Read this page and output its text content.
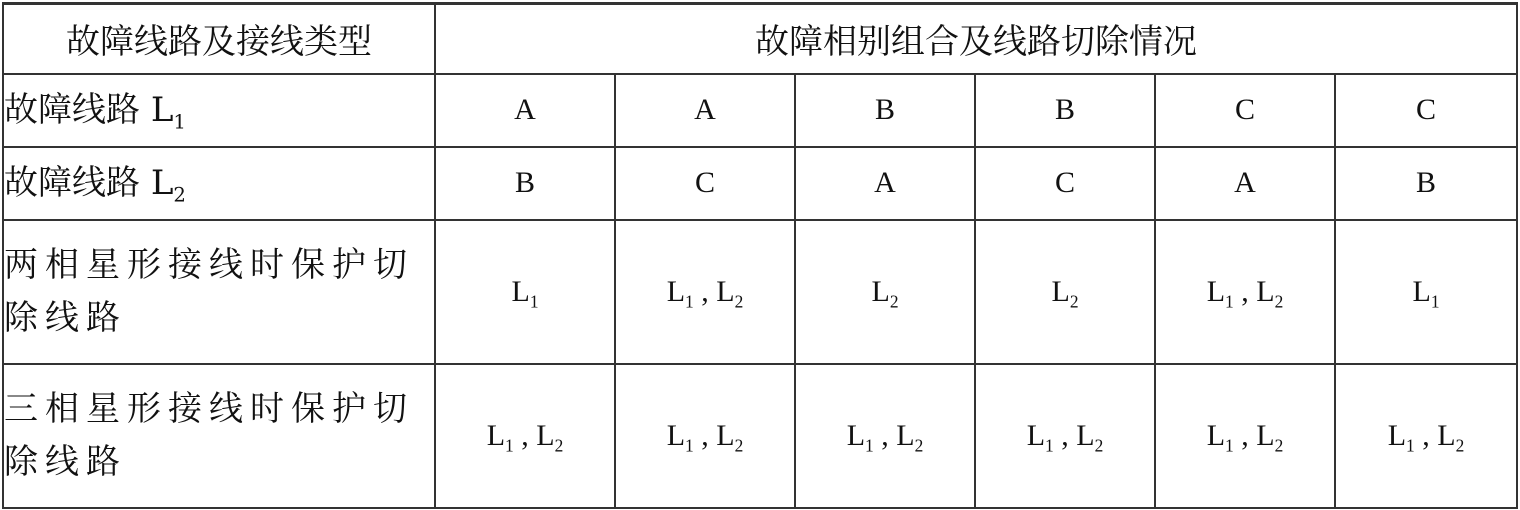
故障线路及接线类型	故障相别组合及线路切除情况					
故障线路 $L_1$	A	A	B	B	C	C
故障线路 $L_2$	B	C	A	C	A	B
两相星形接线时保护切除线路	$L_1$	$L_1$ , $L_2$	$L_2$	$L_2$	$L_1$ , $L_2$	$L_1$
三相星形接线时保护切除线路	$L_1$ , $L_2$	$L_1$ , $L_2$	$L_1$ , $L_2$	$L_1$ , $L_2$	$L_1$ , $L_2$	$L_1$ , $L_2$
